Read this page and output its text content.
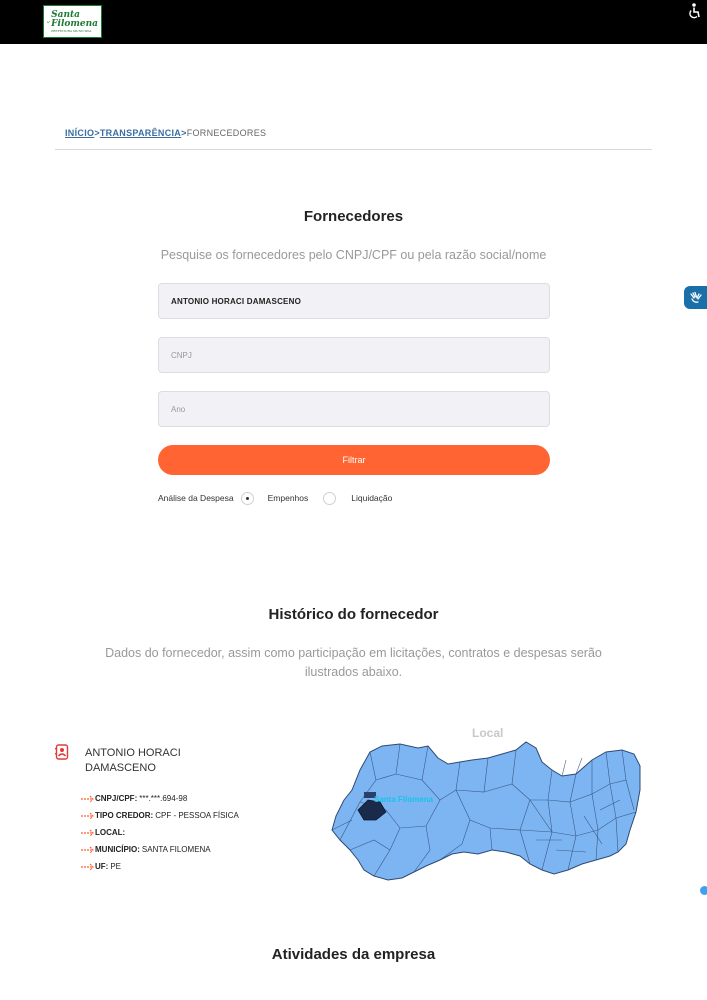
Santa
Filomena
PREFEITURA MUNICIPAL
INÍCIO>TRANSPARÊNCIA>FORNECEDORES
Fornecedores
Pesquise os fornecedores pelo CNPJ/CPF ou pela razão social/nome
ANTONIO HORACI DAMASCENO
CNPJ
Ano
Filtrar
Análise da Despesa	Empenhos	Liquidação
Histórico do fornecedor
Dados do fornecedor, assim como participação em licitações, contratos e despesas serão
ilustrados abaixo.
ANTONIO HORACI
DAMASCENO
CNPJ/CPF: ***.***.694-98
TIPO CREDOR: CPF - PESSOA FÍSICA
LOCAL:
MUNICÍPIO: SANTA FILOMENA
UF: PE
Local
Santa Filomena
Atividades da empresa
